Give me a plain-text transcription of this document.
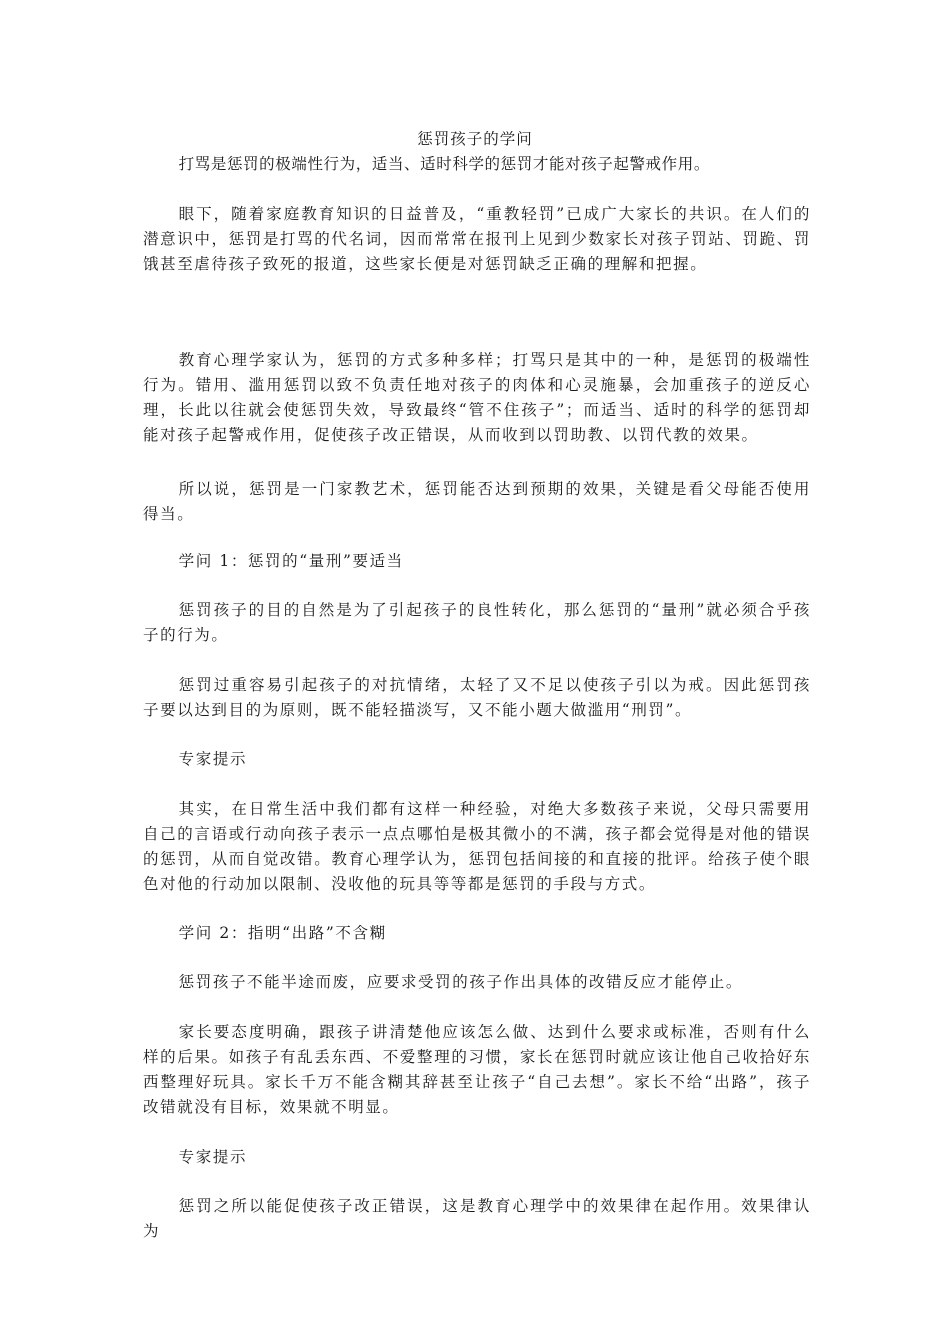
惩罚孩子的学问

打骂是惩罚的极端性行为，适当、适时科学的惩罚才能对孩子起警戒作用。

眼下，随着家庭教育知识的日益普及，“重教轻罚”已成广大家长的共识。在人们的潜意识中，惩罚是打骂的代名词，因而常常在报刊上见到少数家长对孩子罚站、罚跪、罚饿甚至虐待孩子致死的报道，这些家长便是对惩罚缺乏正确的理解和把握。

教育心理学家认为，惩罚的方式多种多样；打骂只是其中的一种，是惩罚的极端性行为。错用、滥用惩罚以致不负责任地对孩子的肉体和心灵施暴，会加重孩子的逆反心理，长此以往就会使惩罚失效，导致最终“管不住孩子”；而适当、适时的科学的惩罚却能对孩子起警戒作用，促使孩子改正错误，从而收到以罚助教、以罚代教的效果。

所以说，惩罚是一门家教艺术，惩罚能否达到预期的效果，关键是看父母能否使用得当。

学问 1：惩罚的“量刑”要适当

惩罚孩子的目的自然是为了引起孩子的良性转化，那么惩罚的“量刑”就必须合乎孩子的行为。

惩罚过重容易引起孩子的对抗情绪，太轻了又不足以使孩子引以为戒。因此惩罚孩子要以达到目的为原则，既不能轻描淡写，又不能小题大做滥用“刑罚”。

专家提示

其实，在日常生活中我们都有这样一种经验，对绝大多数孩子来说，父母只需要用自己的言语或行动向孩子表示一点点哪怕是极其微小的不满，孩子都会觉得是对他的错误的惩罚，从而自觉改错。教育心理学认为，惩罚包括间接的和直接的批评。给孩子使个眼色对他的行动加以限制、没收他的玩具等等都是惩罚的手段与方式。

学问 2：指明“出路”不含糊

惩罚孩子不能半途而废，应要求受罚的孩子作出具体的改错反应才能停止。

家长要态度明确，跟孩子讲清楚他应该怎么做、达到什么要求或标准，否则有什么样的后果。如孩子有乱丢东西、不爱整理的习惯，家长在惩罚时就应该让他自己收拾好东西整理好玩具。家长千万不能含糊其辞甚至让孩子“自己去想”。家长不给“出路”，孩子改错就没有目标，效果就不明显。

专家提示

惩罚之所以能促使孩子改正错误，这是教育心理学中的效果律在起作用。效果律认为
